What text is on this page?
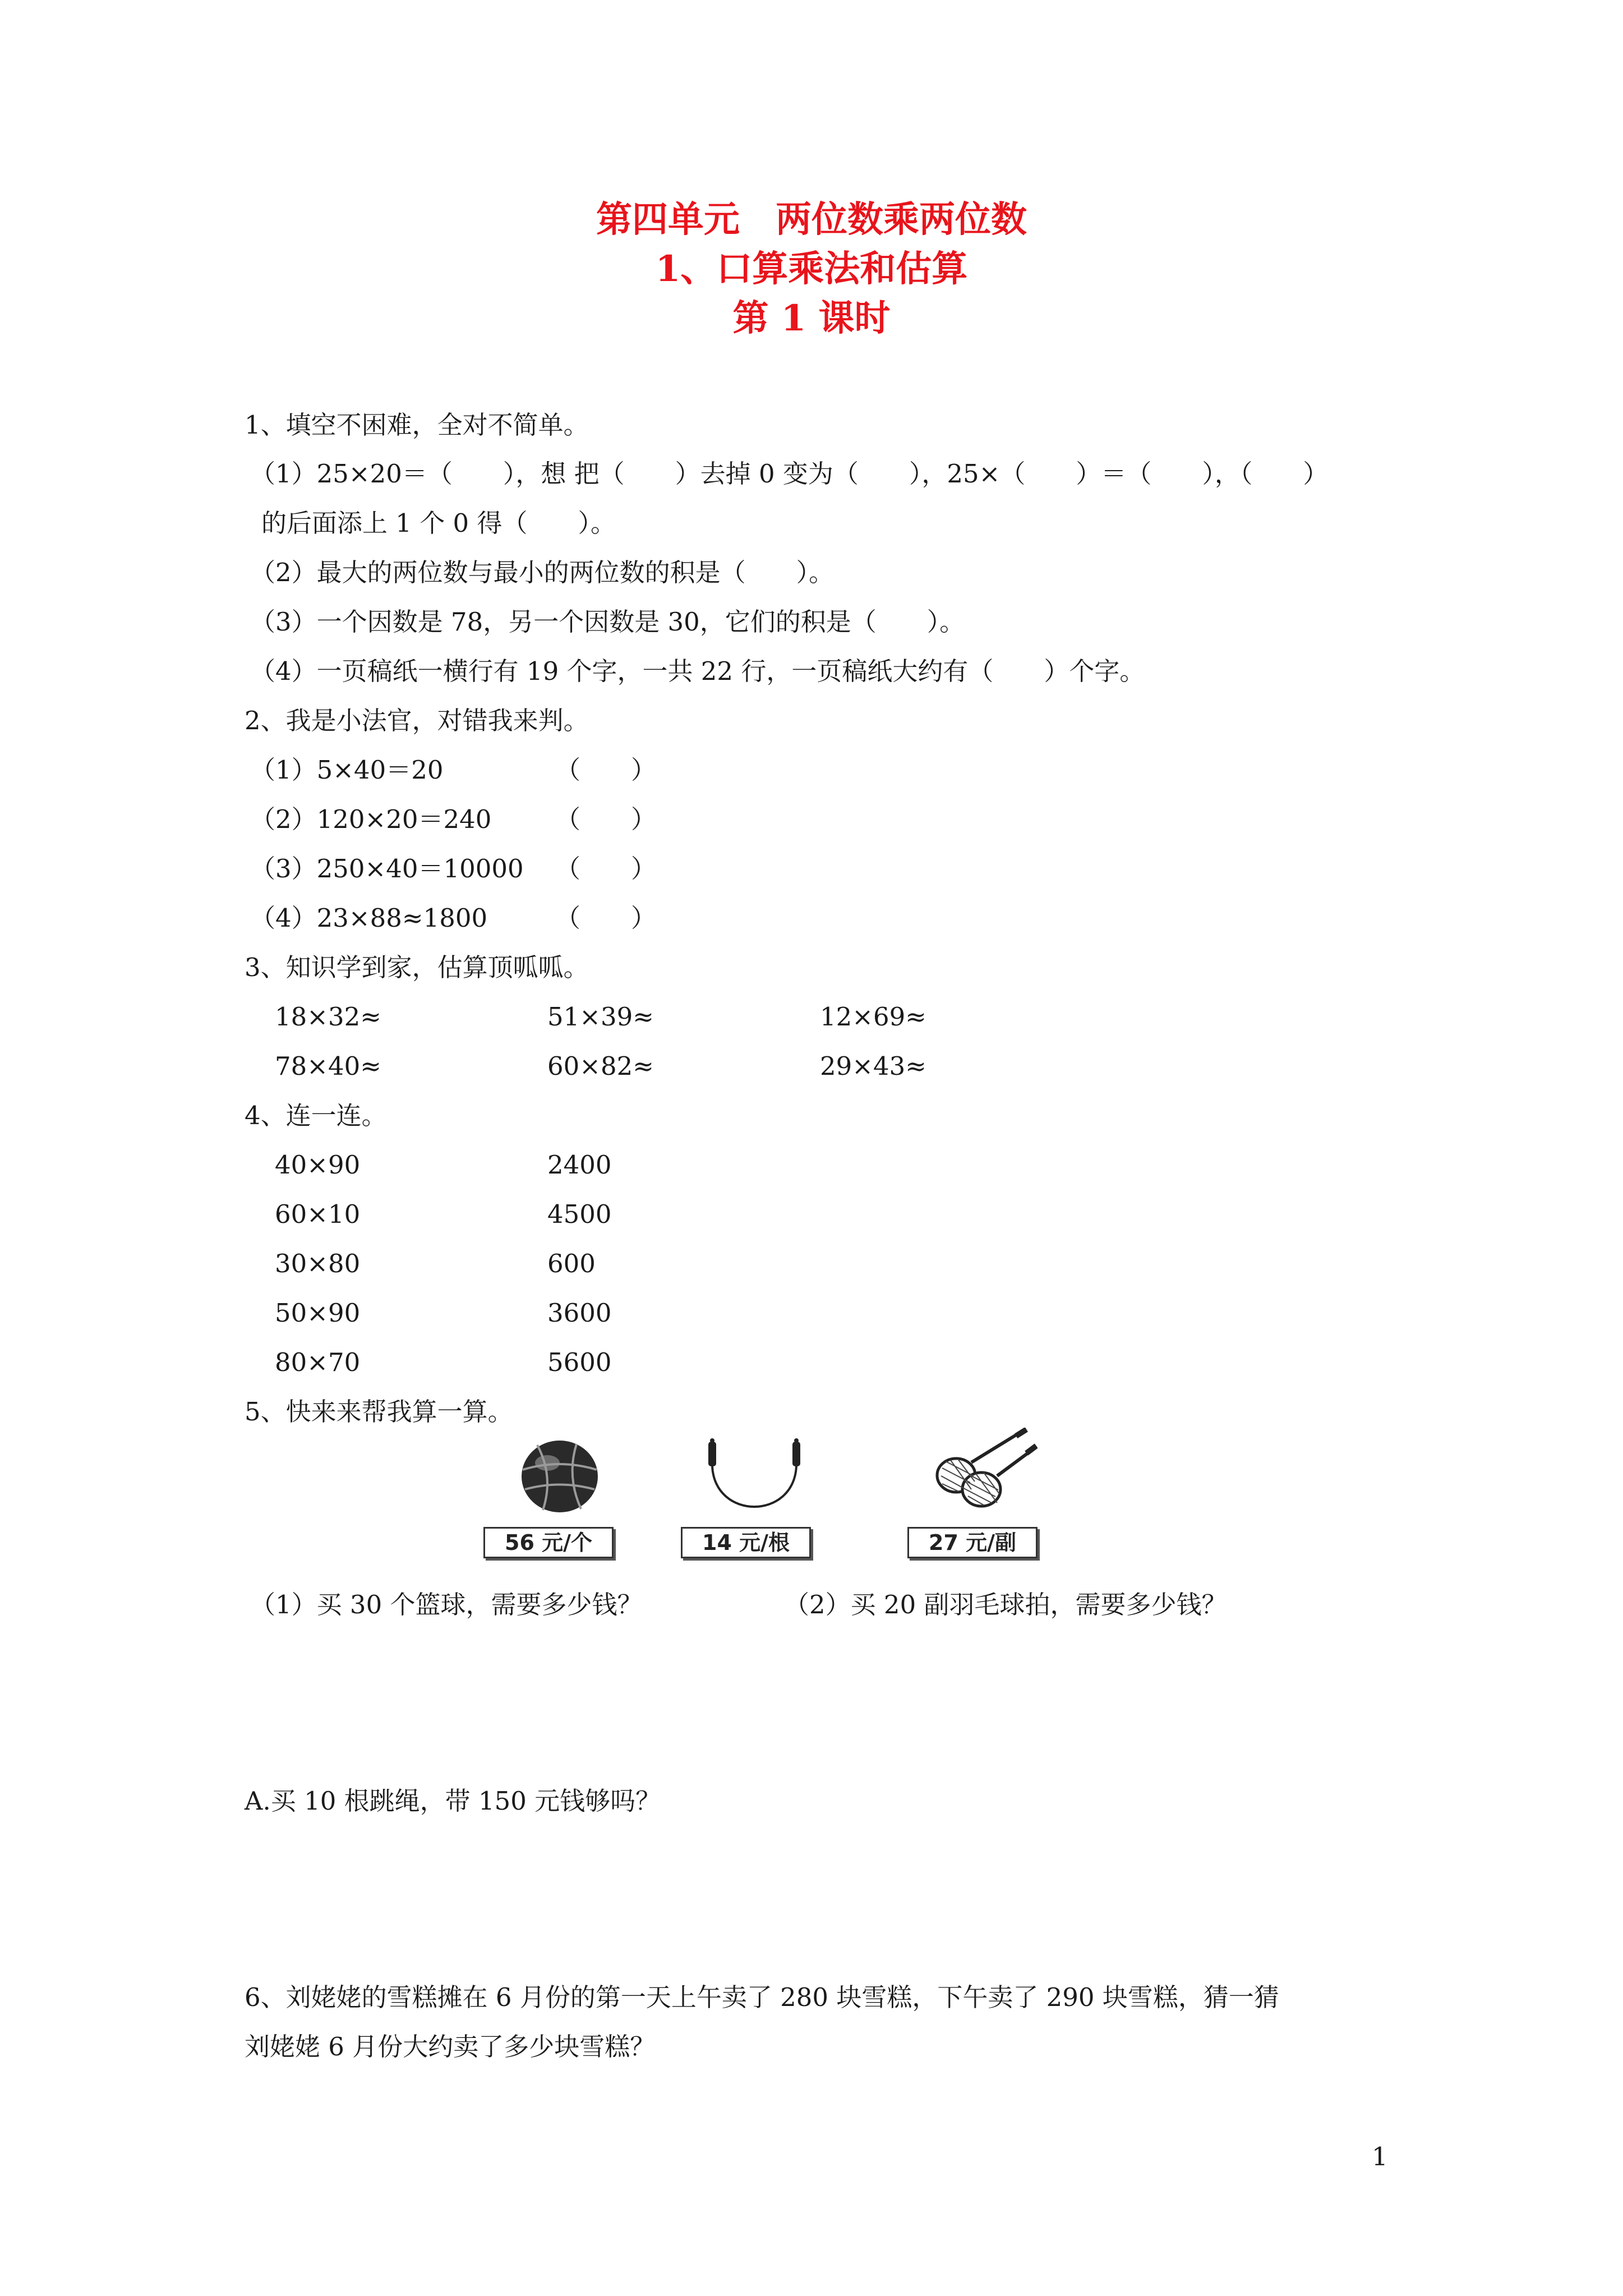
第四单元　两位数乘两位数
1、口算乘法和估算
第 1 课时
1、填空不困难，全对不简单。
（1）25×20＝（　　），想 把（　　）去掉 0 变为（　　），25×（　　）＝（　　），（　　）
的后面添上 1 个 0 得（　　）。
（2）最大的两位数与最小的两位数的积是（　　）。
（3）一个因数是 78，另一个因数是 30，它们的积是（　　）。
（4）一页稿纸一横行有 19 个字，一共 22 行，一页稿纸大约有（　　）个字。
2、我是小法官，对错我来判。
（1）5×40＝20	（　　）
（2）120×20＝240	（　　）
（3）250×40＝10000 （　　）
（4）23×88≈1800	（　　）
3、知识学到家，估算顶呱呱。
18×32≈	51×39≈	12×69≈
78×40≈	60×82≈	29×43≈
4、连一连。
40×90	2400
60×10	4500
30×80	600
50×90	3600
80×70	5600
5、快来来帮我算一算。
56 元/个	14 元/根	27 元/副
（1）买 30 个篮球，需要多少钱？	（2）买 20 副羽毛球拍，需要多少钱？
A.买 10 根跳绳，带 150 元钱够吗？
6、刘姥姥的雪糕摊在 6 月份的第一天上午卖了 280 块雪糕，下午卖了 290 块雪糕，猜一猜
刘姥姥 6 月份大约卖了多少块雪糕？
1
